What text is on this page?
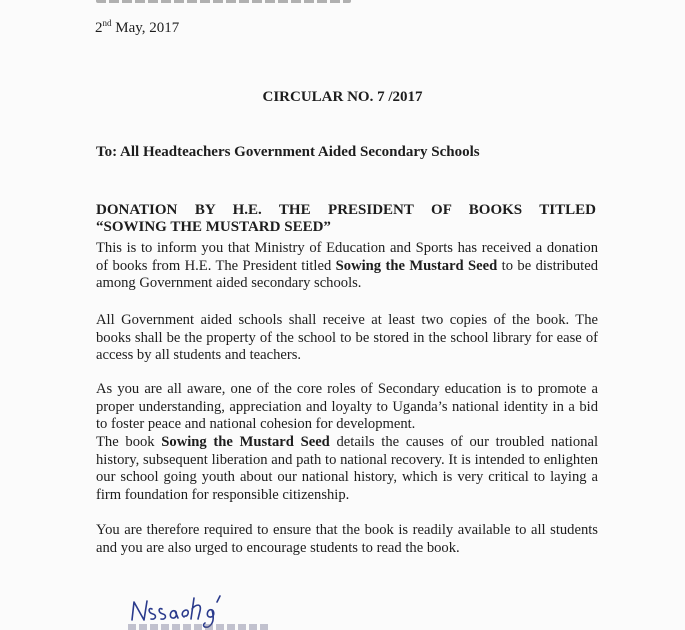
2nd May, 2017
CIRCULAR NO. 7 /2017
To: All Headteachers Government Aided Secondary Schools
DONATION BY H.E. THE PRESIDENT OF BOOKS TITLED
“SOWING THE MUSTARD SEED”

This is to inform you that Ministry of Education and Sports has received a donation of books from H.E. The President titled Sowing the Mustard Seed to be distributed among Government aided secondary schools.

All Government aided schools shall receive at least two copies of the book. The books shall be the property of the school to be stored in the school library for ease of access by all students and teachers.

As you are all aware, one of the core roles of Secondary education is to promote a proper understanding, appreciation and loyalty to Uganda’s national identity in a bid to foster peace and national cohesion for development.

The book Sowing the Mustard Seed details the causes of our troubled national history, subsequent liberation and path to national recovery. It is intended to enlighten our school going youth about our national history, which is very critical to laying a firm foundation for responsible citizenship.

You are therefore required to ensure that the book is readily available to all students and you are also urged to encourage students to read the book.
